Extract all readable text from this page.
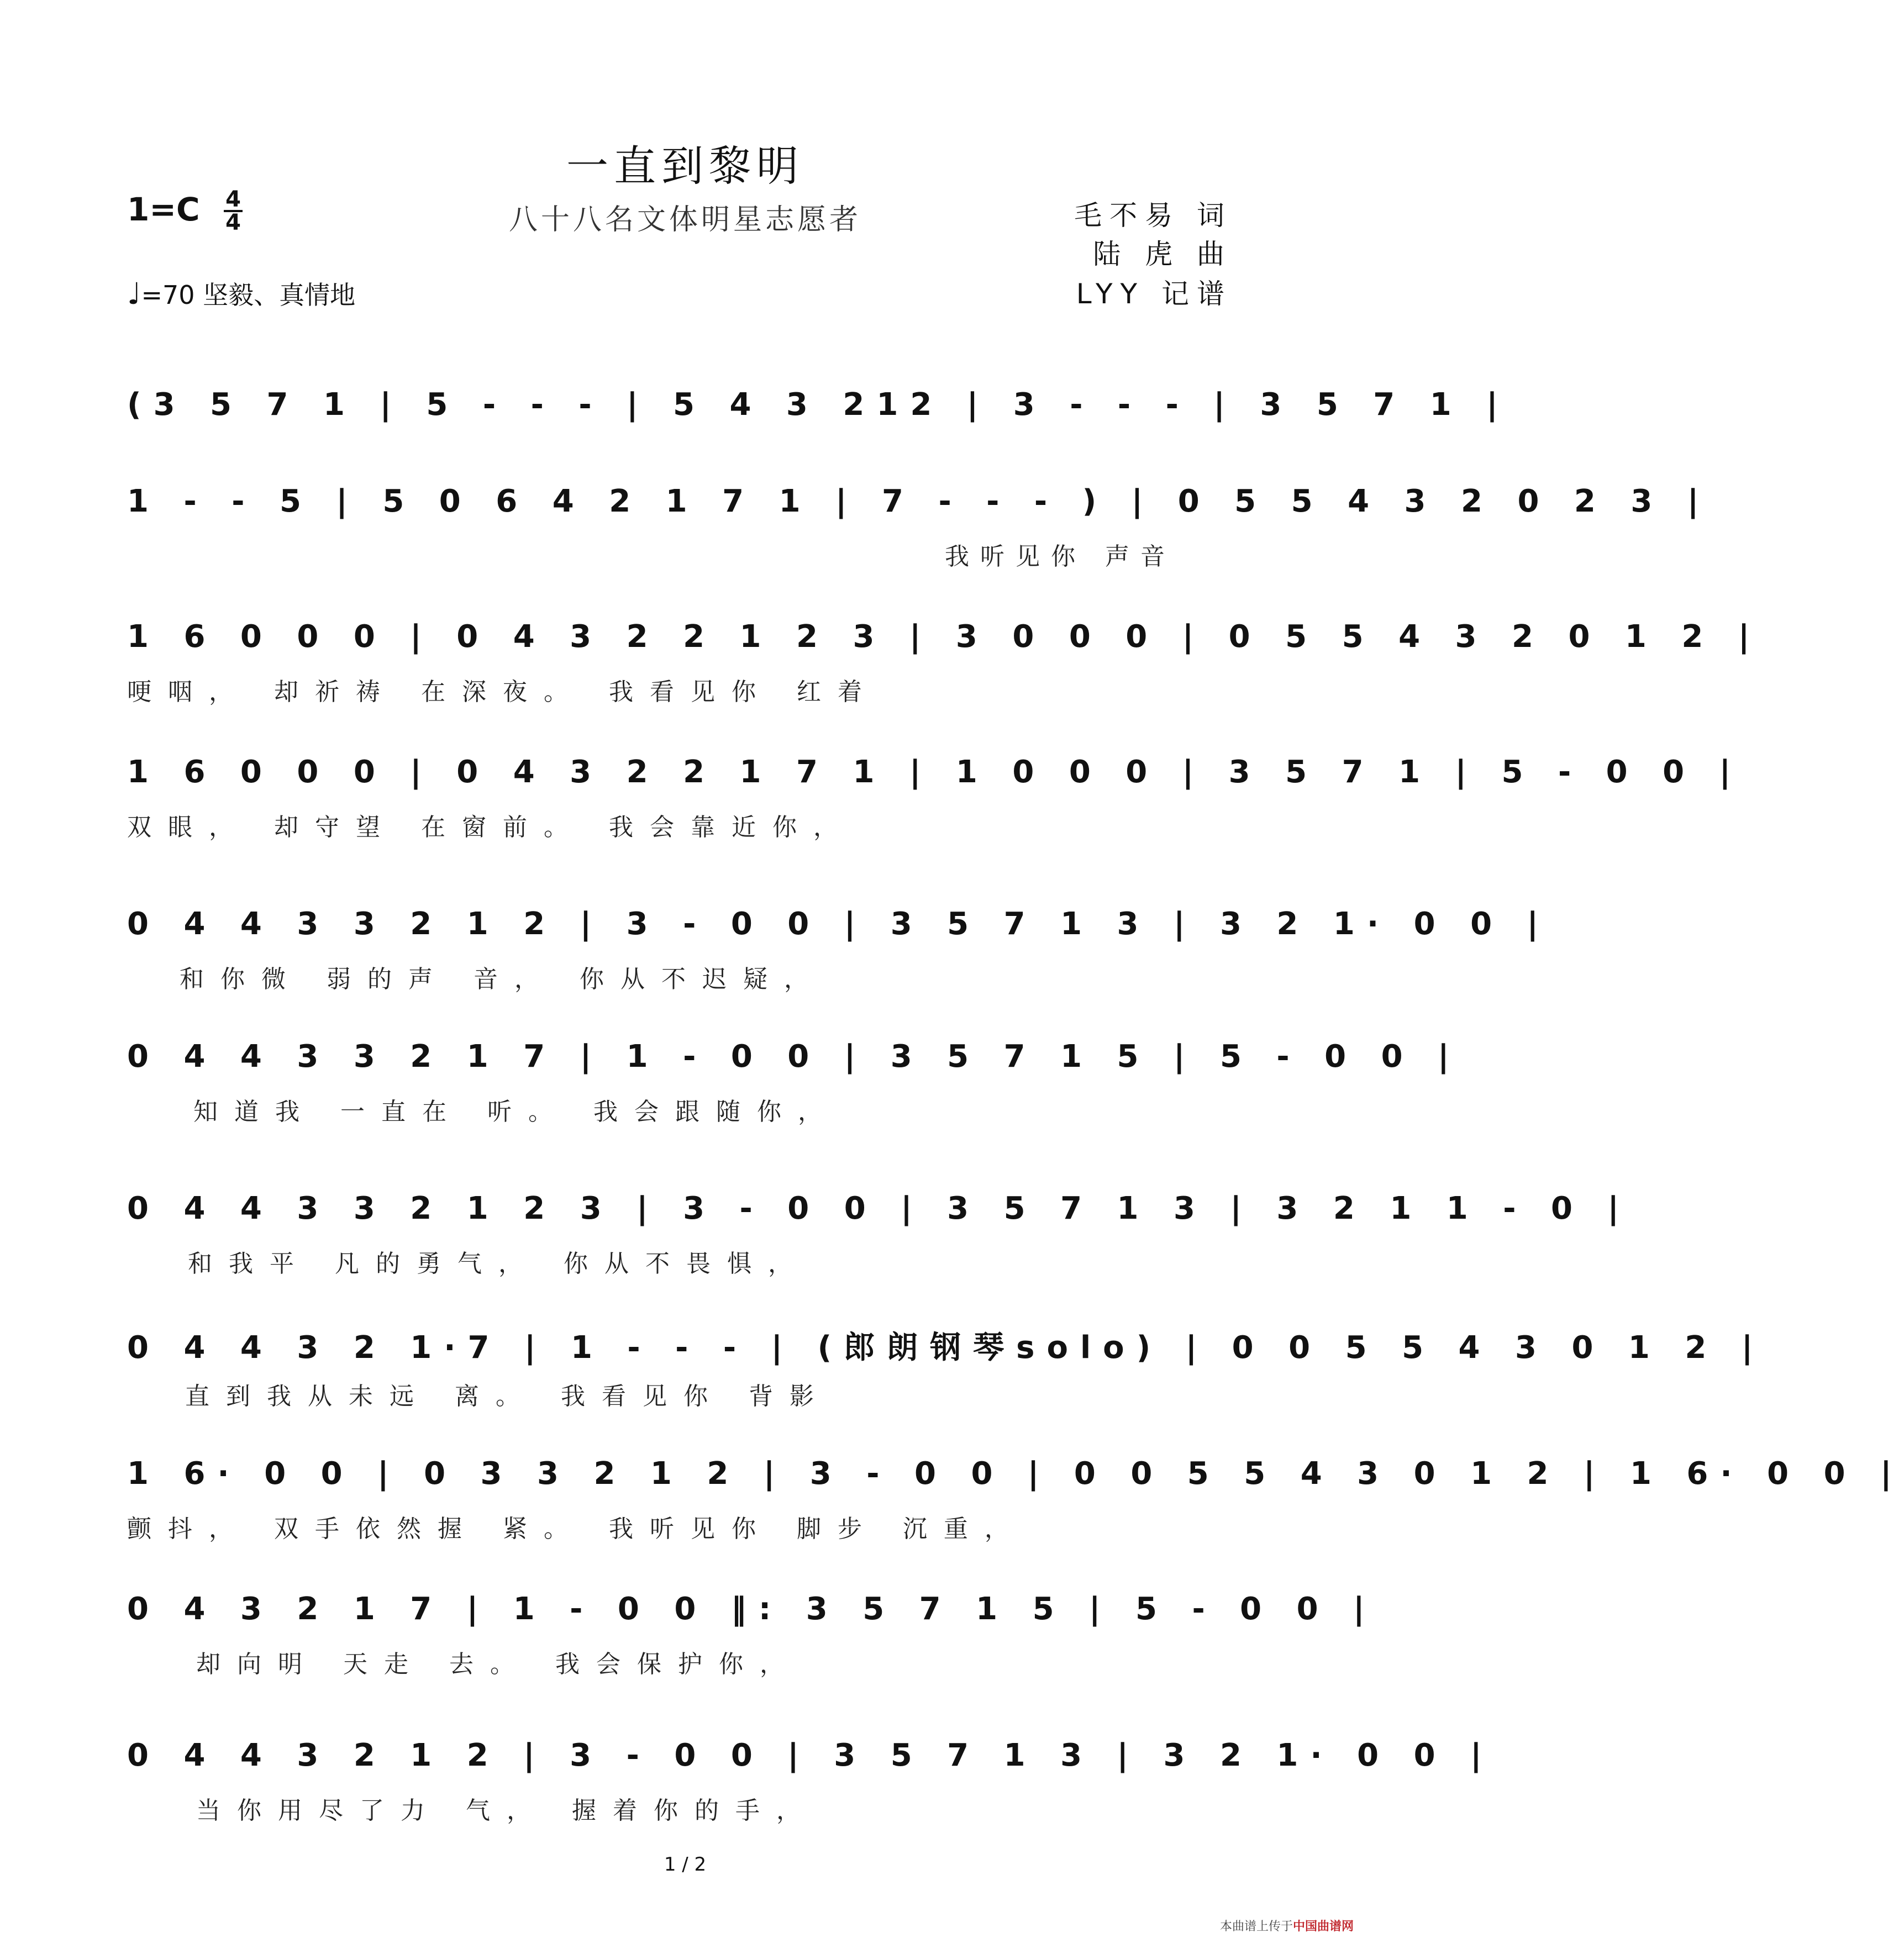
一直到黎明
八十八名文体明星志愿者
1=C 4
4
♩=70 坚毅、真情地
毛不易 词
陆 虎 曲
LYY 记谱
(3 5 7 1 | 5 - - - | 5 4 3 212 | 3 - - - | 3 5 7 1 |
1 - - 5 | 5 0 6 4 2 1 7 1 | 7 - - - ) | 0 5 5 4 3 2 0 2 3 |
我听见你 声音
1 6 0 0 0 | 0 4 3 2 2 1 2 3 | 3 0 0 0 | 0 5 5 4 3 2 0 1 2 |
哽咽， 却祈祷 在深夜。 我看见你 红着
1 6 0 0 0 | 0 4 3 2 2 1 7 1 | 1 0 0 0 | 3 5 7 1 | 5 - 0 0 |
双眼， 却守望 在窗前。 我会靠近你，
0 4 4 3 3 2 1 2 | 3 - 0 0 | 3 5 7 1 3 | 3 2 1· 0 0 |
和你微 弱的声 音， 你从不迟疑，
0 4 4 3 3 2 1 7 | 1 - 0 0 | 3 5 7 1 5 | 5 - 0 0 |
知道我 一直在 听。 我会跟随你，
0 4 4 3 3 2 1 2 3 | 3 - 0 0 | 3 5 7 1 3 | 3 2 1 1 - 0 |
和我平 凡的勇气， 你从不畏惧，
0 4 4 3 2 1·7 | 1 - - - | (郎朗钢琴solo) | 0 0 5 5 4 3 0 1 2 |
直到我从未远 离。 我看见你 背影
1 6· 0 0 | 0 3 3 2 1 2 | 3 - 0 0 | 0 0 5 5 4 3 0 1 2 | 1 6· 0 0 |
颤抖， 双手依然握 紧。 我听见你 脚步 沉重，
0 4 3 2 1 7 | 1 - 0 0 ‖: 3 5 7 1 5 | 5 - 0 0 |
却向明 天走 去。 我会保护你，
0 4 4 3 2 1 2 | 3 - 0 0 | 3 5 7 1 3 | 3 2 1· 0 0 |
当你用尽了力 气， 握着你的手，
1 / 2
本曲谱上传于中国曲谱网
